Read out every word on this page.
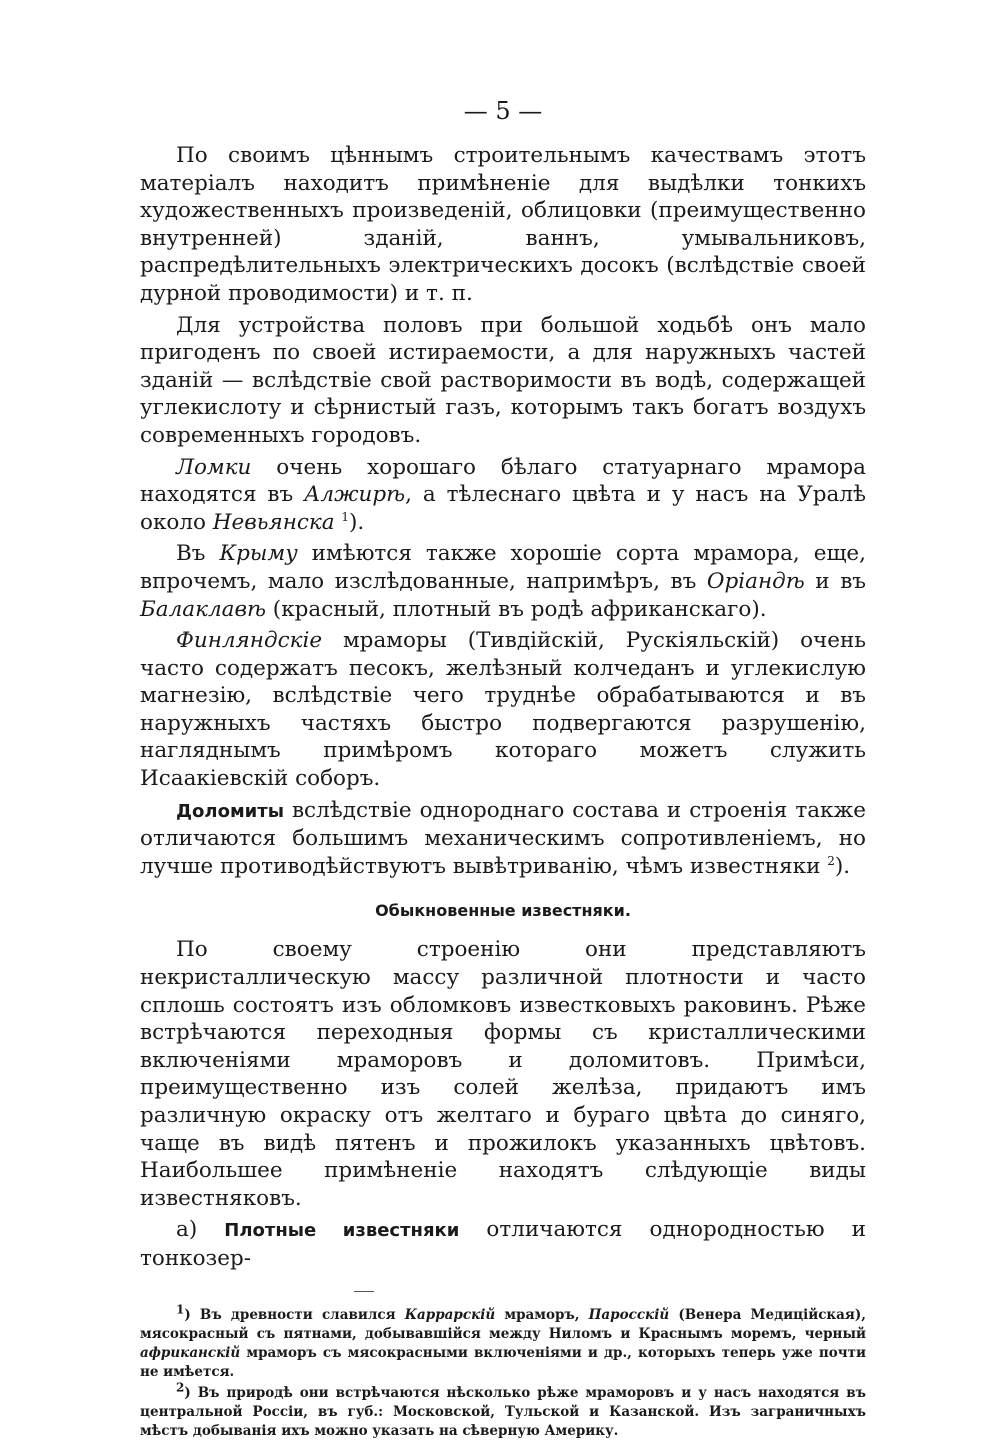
— 5 —

По своимъ цѣннымъ строительнымъ качествамъ этотъ матеріалъ находитъ примѣненіе для выдѣлки тонкихъ художественныхъ произведеній, облицовки (преимущественно внутренней) зданій, ваннъ, умывальниковъ, распредѣлительныхъ электрическихъ досокъ (вслѣдствіе своей дурной проводимости) и т. п.

Для устройства половъ при большой ходьбѣ онъ мало пригоденъ по своей истираемости, а для наружныхъ частей зданій — вслѣдствіе свой растворимости въ водѣ, содержащей углекислоту и сѣрнистый газъ, которымъ такъ богатъ воздухъ современныхъ городовъ.

Ломки очень хорошаго бѣлаго статуарнаго мрамора находятся въ Алжирѣ, а тѣлеснаго цвѣта и у насъ на Уралѣ около Невьянска $^1$).

Въ Крыму имѣются также хорошіе сорта мрамора, еще, впрочемъ, мало изслѣдованные, напримѣръ, въ Оріандѣ и въ Балаклавѣ (красный, плотный въ родѣ африканскаго).

Финляндскіе мраморы (Тивдійскій, Рускіяльскій) очень часто содержатъ песокъ, желѣзный колчеданъ и углекислую магнезію, вслѣдствіе чего труднѣе обрабатываются и въ наружныхъ частяхъ быстро подвергаются разрушенію, нагляднымъ примѣромъ котораго можетъ служить Исаакіевскій соборъ.

Доломиты вслѣдствіе однороднаго состава и строенія также отличаются большимъ механическимъ сопротивленіемъ, но лучше противодѣйствуютъ вывѣтриванію, чѣмъ известняки $^2$).

Обыкновенные известняки.

По своему строенію они представляютъ некристаллическую массу различной плотности и часто сплошь состоятъ изъ обломковъ известковыхъ раковинъ. Рѣже встрѣчаются переходныя формы съ кристаллическими включеніями мраморовъ и доломитовъ. Примѣси, преимущественно изъ солей желѣза, придаютъ имъ различную окраску отъ желтаго и бураго цвѣта до синяго, чаще въ видѣ пятенъ и прожилокъ указанныхъ цвѣтовъ. Наибольшее примѣненіе находятъ слѣдующіе виды известняковъ.

а) Плотные известняки отличаются однородностью и тонкозер-

1) Въ древности славился Каррарскій мраморъ, Паросскій (Венера Медиційская), мясокрасный съ пятнами, добывавшійся между Ниломъ и Краснымъ моремъ, черный африканскій мраморъ съ мясокрасными включеніями и др., которыхъ теперь уже почти не имѣется.

2) Въ природѣ они встрѣчаются нѣсколько рѣже мраморовъ и у насъ находятся въ центральной Россіи, въ губ.: Московской, Тульской и Казанской. Изъ заграничныхъ мѣстъ добыванія ихъ можно указать на сѣверную Америку.
